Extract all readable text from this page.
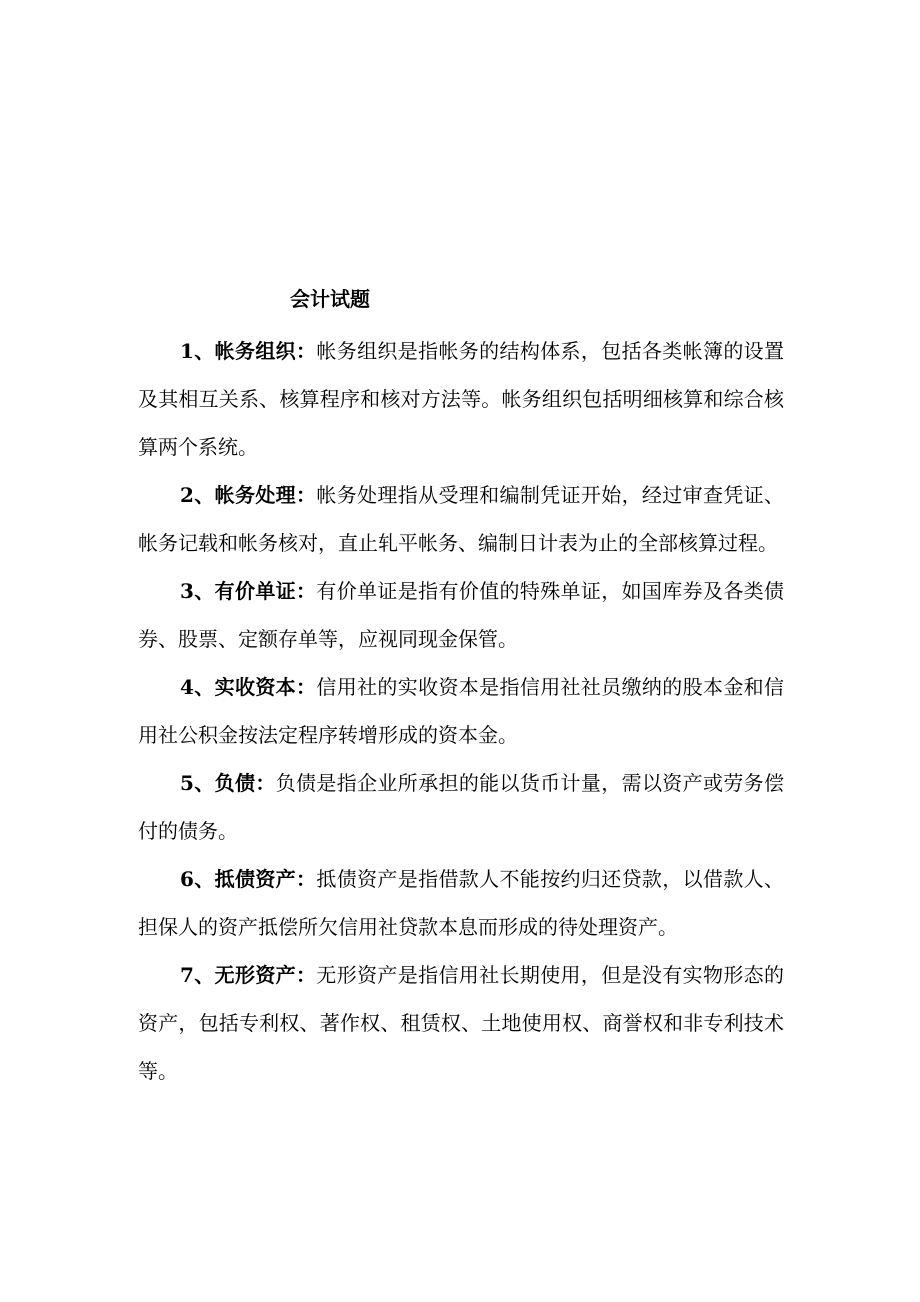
会计试题

1、帐务组织：帐务组织是指帐务的结构体系，包括各类帐簿的设置及其相互关系、核算程序和核对方法等。帐务组织包括明细核算和综合核算两个系统。

2、帐务处理：帐务处理指从受理和编制凭证开始，经过审查凭证、帐务记载和帐务核对，直止轧平帐务、编制日计表为止的全部核算过程。

3、有价单证：有价单证是指有价值的特殊单证，如国库券及各类债券、股票、定额存单等，应视同现金保管。

4、实收资本：信用社的实收资本是指信用社社员缴纳的股本金和信用社公积金按法定程序转增形成的资本金。

5、负债：负债是指企业所承担的能以货币计量，需以资产或劳务偿付的债务。

6、抵债资产：抵债资产是指借款人不能按约归还贷款，以借款人、担保人的资产抵偿所欠信用社贷款本息而形成的待处理资产。

7、无形资产：无形资产是指信用社长期使用，但是没有实物形态的资产，包括专利权、著作权、租赁权、土地使用权、商誉权和非专利技术等。
